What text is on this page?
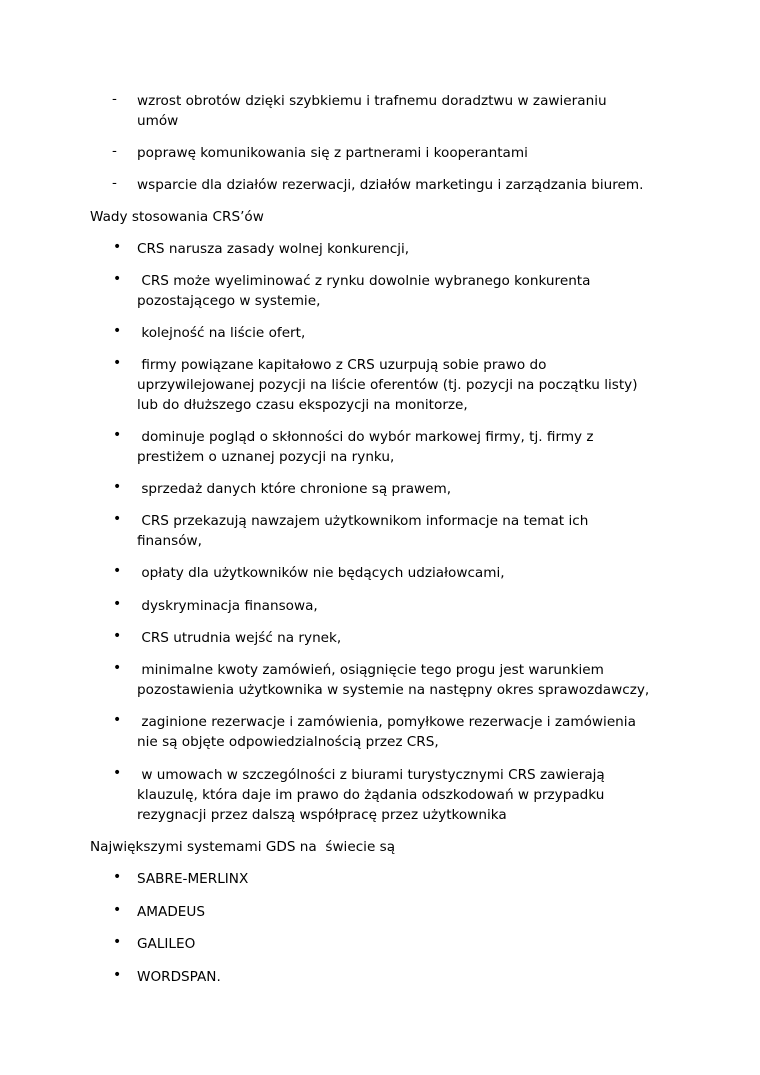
-	wzrost obrotów dzięki szybkiemu i trafnemu doradztwu w zawieraniu
umów
-	poprawę komunikowania się z partnerami i kooperantami
-	wsparcie dla działów rezerwacji, działów marketingu i zarządzania biurem.
Wady stosowania CRS’ów
• CRS narusza zasady wolnej konkurencji,
• CRS może wyeliminować z rynku dowolnie wybranego konkurenta
pozostającego w systemie,
• kolejność na liście ofert,
• firmy powiązane kapitałowo z CRS uzurpują sobie prawo do
uprzywilejowanej pozycji na liście oferentów (tj. pozycji na początku listy)
lub do dłuższego czasu ekspozycji na monitorze,
• dominuje pogląd o skłonności do wybór markowej firmy, tj. firmy z
prestiżem o uznanej pozycji na rynku,
• sprzedaż danych które chronione są prawem,
• CRS przekazują nawzajem użytkownikom informacje na temat ich
finansów,
• opłaty dla użytkowników nie będących udziałowcami,
• dyskryminacja finansowa,
• CRS utrudnia wejść na rynek,
• minimalne kwoty zamówień, osiągnięcie tego progu jest warunkiem
pozostawienia użytkownika w systemie na następny okres sprawozdawczy,
• zaginione rezerwacje i zamówienia, pomyłkowe rezerwacje i zamówienia
nie są objęte odpowiedzialnością przez CRS,
• w umowach w szczególności z biurami turystycznymi CRS zawierają
klauzulę, która daje im prawo do żądania odszkodowań w przypadku
rezygnacji przez dalszą współpracę przez użytkownika
Największymi systemami GDS na  świecie są
• SABRE-MERLINX
• AMADEUS
• GALILEO
• WORDSPAN.
